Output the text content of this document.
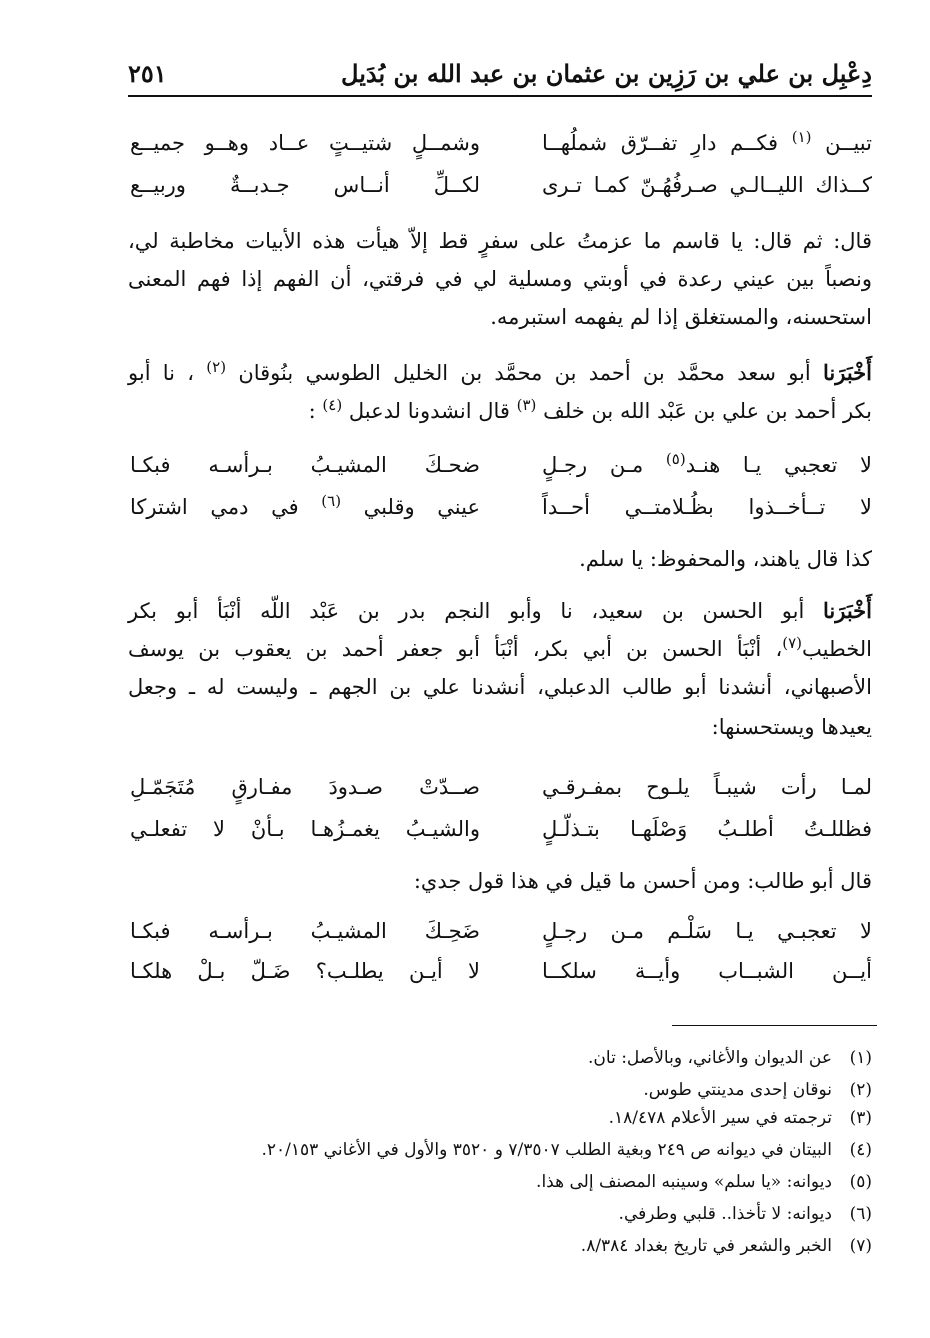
دِعْبِل بن علي بن رَزِين بن عثمان بن عبد الله بن بُدَيل
٢٥١
تبيــن $^{(١)}$ فكــم دارِ تفــرّق شملُهــا
وشمــلٍ شتيــتٍ عــاد وهــو جميــع
كــذاك الليــالـي صـرفُهُـنّ كمـا تـرى
لكــلِّ أنــاس جـدبــةٌ وربيــع
قال: ثم قال: يا قاسم ما عزمتُ على سفرٍ قط إلاّ هيأت هذه الأبيات مخاطبة لي،
ونصباً بين عيني رعدة في أوبتي ومسلية لي في فرقتي، أن الفهم إذا فهم المعنى
استحسنه، والمستغلق إذا لم يفهمه استبرمه.
أَخْبَرَنا أبو سعد محمَّد بن أحمد بن محمَّد بن الخليل الطوسي بنُوقان $^{(٢)}$ ، نا أبو
بكر أحمد بن علي بن عَبْد الله بن خلف $^{(٣)}$ قال انشدونا لدعبل $^{(٤)}$ :
لا تعجبي يـا هنـد$^{(٥)}$ مـن رجـلٍ
ضحـكَ المشيـبُ بـرأسـه فبكـا
لا تــأخــذوا بظُـلامتــي أحــداً
عيني وقلبي $^{(٦)}$ في دمي اشتركا
كذا قال ياهند، والمحفوظ: يا سلم.
أَخْبَرَنا أبو الحسن بن سعيد، نا وأبو النجم بدر بن عَبْد اللّه أنْبَأ أبو بكر
الخطيب$^{(٧)}$، أنْبَأ الحسن بن أبي بكر، أنْبَأ أبو جعفر أحمد بن يعقوب بن يوسف
الأصبهاني، أنشدنا أبو طالب الدعبلي، أنشدنا علي بن الجهم ـ وليست له ـ وجعل
يعيدها ويستحسنها:
لمـا رأت شيبـاً يلـوح بمفـرقـي
صــدّتْ صـدودَ مفـارقٍ مُتَجَمّـلِ
فظللـتُ أطلـبُ وَصْلَهـا بتـذلّـلٍ
والشيـبُ يغمـزُهـا بـأنْ لا تفعلـي
قال أبو طالب: ومن أحسن ما قيل في هذا قول جدي:
لا تعجبـي يـا سَلْـم مـن رجـلٍ
ضَحِـكَ المشيـبُ بـرأسـه فبكـا
أيــن الشبــاب وأيــة سلكــا
لا أيـن يطلـب؟ ضَـلّ بـلْ هلكـا
(١)عن الديوان والأغاني، وبالأصل: تان.
(٢)نوقان إحدى مدينتي طوس.
(٣)ترجمته في سير الأعلام ١٨/٤٧٨.
(٤)البيتان في ديوانه ص ٢٤٩ وبغية الطلب ٧/٣٥٠٧ و ٣٥٢٠ والأول في الأغاني ٢٠/١٥٣.
(٥)ديوانه: «يا سلم» وسينبه المصنف إلى هذا.
(٦)ديوانه: لا تأخذا.. قلبي وطرفي.
(٧)الخبر والشعر في تاريخ بغداد ٨/٣٨٤.
